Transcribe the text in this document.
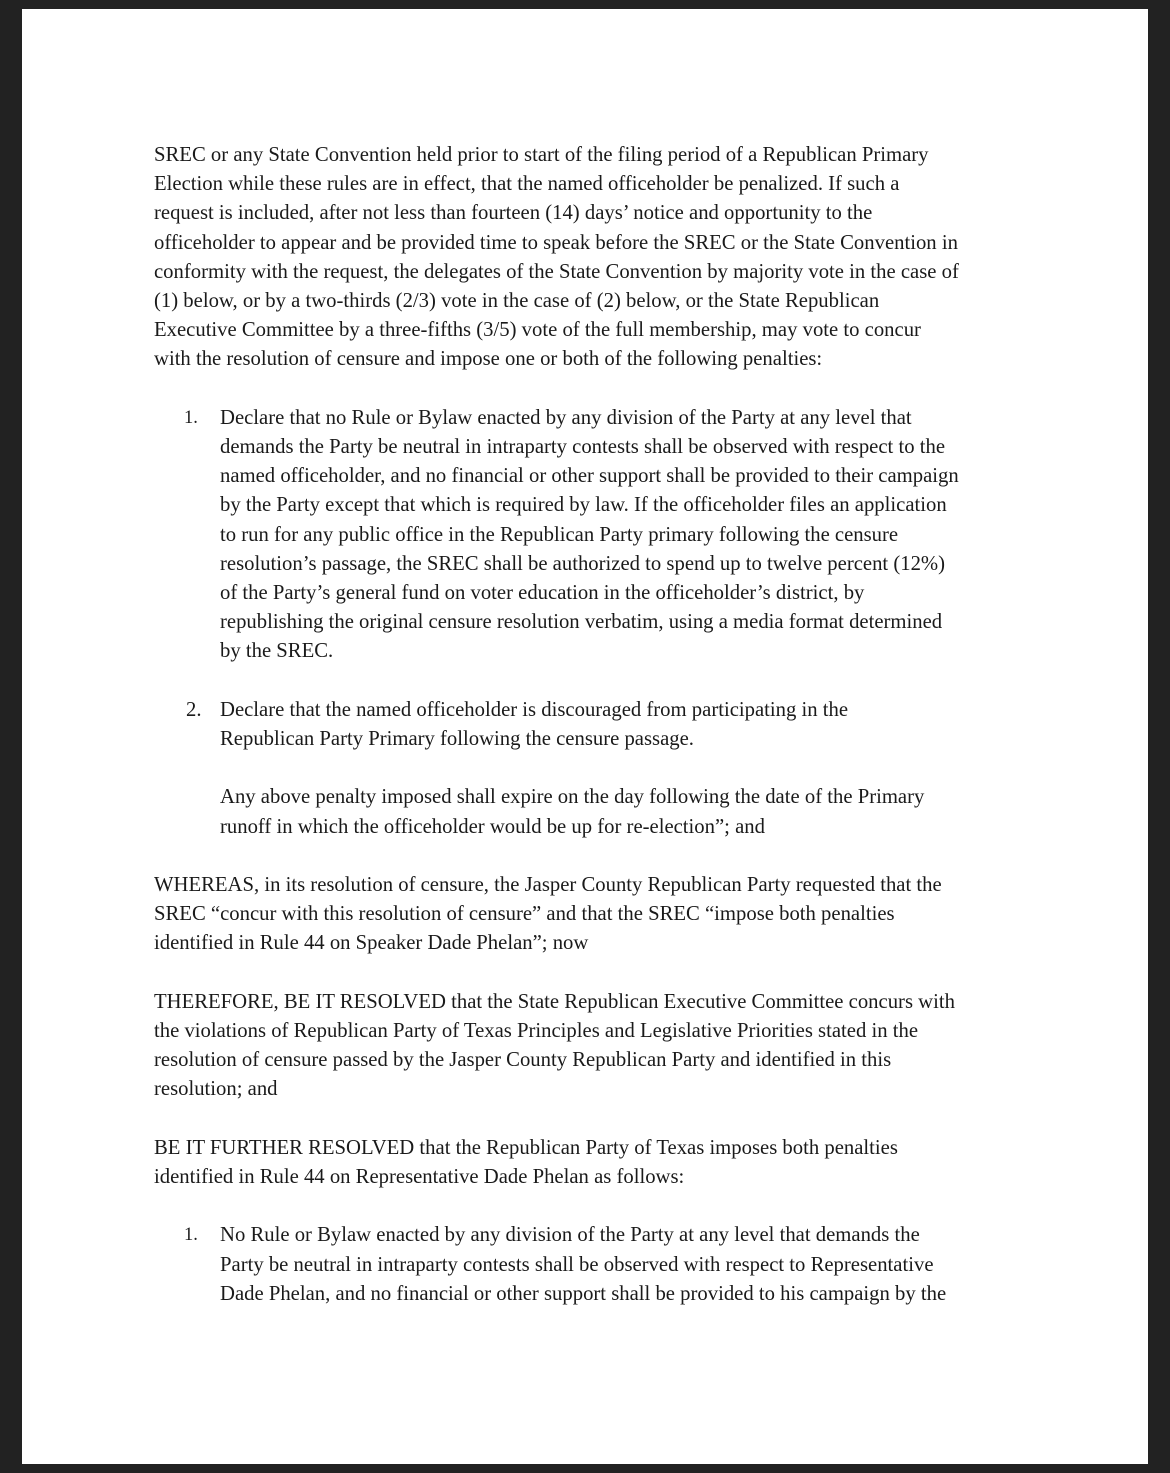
SREC or any State Convention held prior to start of the filing period of a Republican Primary
Election while these rules are in effect, that the named officeholder be penalized. If such a
request is included, after not less than fourteen (14) days’ notice and opportunity to the
officeholder to appear and be provided time to speak before the SREC or the State Convention in
conformity with the request, the delegates of the State Convention by majority vote in the case of
(1) below, or by a two-thirds (2/3) vote in the case of (2) below, or the State Republican
Executive Committee by a three-fifths (3/5) vote of the full membership, may vote to concur
with the resolution of censure and impose one or both of the following penalties:

1. Declare that no Rule or Bylaw enacted by any division of the Party at any level that
demands the Party be neutral in intraparty contests shall be observed with respect to the
named officeholder, and no financial or other support shall be provided to their campaign
by the Party except that which is required by law. If the officeholder files an application
to run for any public office in the Republican Party primary following the censure
resolution’s passage, the SREC shall be authorized to spend up to twelve percent (12%)
of the Party’s general fund on voter education in the officeholder’s district, by
republishing the original censure resolution verbatim, using a media format determined
by the SREC.
2. Declare that the named officeholder is discouraged from participating in the
Republican Party Primary following the censure passage.
Any above penalty imposed shall expire on the day following the date of the Primary
runoff in which the officeholder would be up for re-election”; and

WHEREAS, in its resolution of censure, the Jasper County Republican Party requested that the
SREC “concur with this resolution of censure” and that the SREC “impose both penalties
identified in Rule 44 on Speaker Dade Phelan”; now

THEREFORE, BE IT RESOLVED that the State Republican Executive Committee concurs with
the violations of Republican Party of Texas Principles and Legislative Priorities stated in the
resolution of censure passed by the Jasper County Republican Party and identified in this
resolution; and

BE IT FURTHER RESOLVED that the Republican Party of Texas imposes both penalties
identified in Rule 44 on Representative Dade Phelan as follows:

1. No Rule or Bylaw enacted by any division of the Party at any level that demands the
Party be neutral in intraparty contests shall be observed with respect to Representative
Dade Phelan, and no financial or other support shall be provided to his campaign by the
